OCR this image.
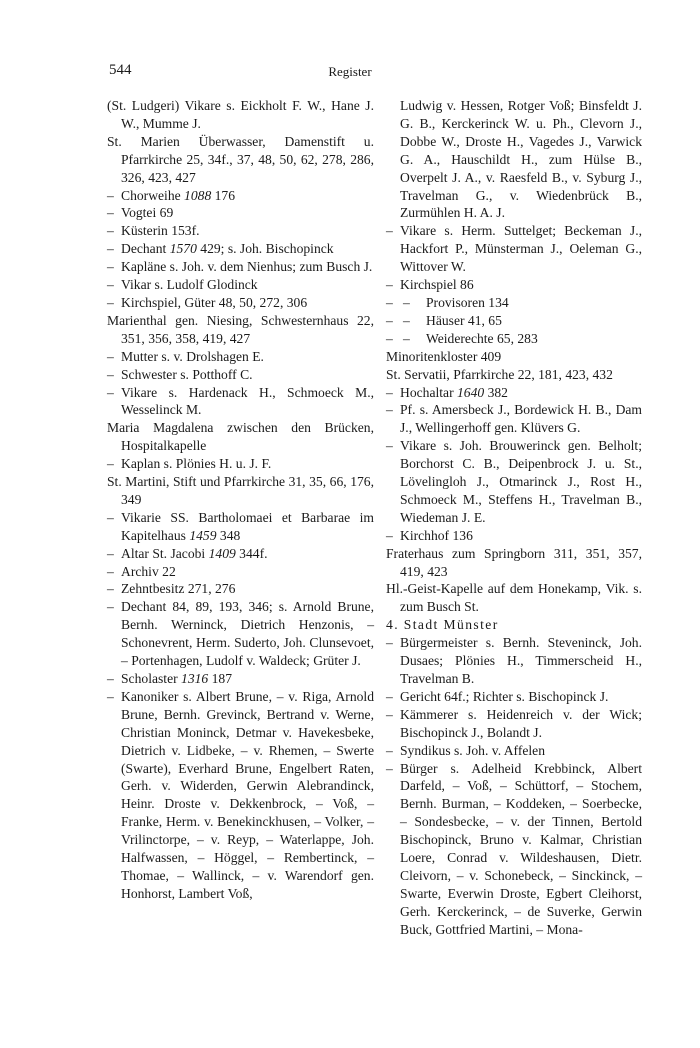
544	Register

(St. Ludgeri) Vikare s. Eickholt F. W., Hane J. W., Mumme J.

St. Marien Überwasser, Damenstift u. Pfarrkirche 25, 34f., 37, 48, 50, 62, 278, 286, 326, 423, 427

– Chorweihe 1088 176

– Vogtei 69

– Küsterin 153f.

– Dechant 1570 429; s. Joh. Bischopinck

– Kapläne s. Joh. v. dem Nienhus; zum Busch J.

– Vikar s. Ludolf Glodinck

– Kirchspiel, Güter 48, 50, 272, 306

Marienthal gen. Niesing, Schwesternhaus 22, 351, 356, 358, 419, 427

– Mutter s. v. Drolshagen E.

– Schwester s. Potthoff C.

– Vikare s. Hardenack H., Schmoeck M., Wesselinck M.

Maria Magdalena zwischen den Brücken, Hospitalkapelle

– Kaplan s. Plönies H. u. J. F.

St. Martini, Stift und Pfarrkirche 31, 35, 66, 176, 349

– Vikarie SS. Bartholomaei et Barbarae im Kapitelhaus 1459 348

– Altar St. Jacobi 1409 344f.

– Archiv 22

– Zehntbesitz 271, 276

– Dechant 84, 89, 193, 346; s. Arnold Brune, Bernh. Werninck, Dietrich Henzonis, – Schonevrent, Herm. Suderto, Joh. Clunsevoet, – Portenhagen, Ludolf v. Waldeck; Grüter J.

– Scholaster 1316 187

– Kanoniker s. Albert Brune, – v. Riga, Arnold Brune, Bernh. Grevinck, Bertrand v. Werne, Christian Moninck, Detmar v. Havekesbeke, Dietrich v. Lidbeke, – v. Rhemen, – Swerte (Swarte), Everhard Brune, Engelbert Raten, Gerh. v. Widerden, Gerwin Alebrandinck, Heinr. Droste v. Dekkenbrock, – Voß, – Franke, Herm. v. Benekinckhusen, – Volker, – Vrilinctorpe, – v. Reyp, – Waterlappe, Joh. Halfwassen, – Höggel, – Rembertinck, – Thomae, – Wallinck, – v. Warendorf gen. Honhorst, Lambert Voß,

Ludwig v. Hessen, Rotger Voß; Binsfeldt J. G. B., Kerckerinck W. u. Ph., Clevorn J., Dobbe W., Droste H., Vagedes J., Varwick G. A., Hauschildt H., zum Hülse B., Overpelt J. A., v. Raesfeld B., v. Syburg J., Travelman G., v. Wiedenbrück B., Zurmühlen H. A. J.

– Vikare s. Herm. Suttelget; Beckeman J., Hackfort P., Münsterman J., Oeleman G., Wittover W.

– Kirchspiel 86

– – Provisoren 134

– – Häuser 41, 65

– – Weiderechte 65, 283

Minoritenkloster 409

St. Servatii, Pfarrkirche 22, 181, 423, 432

– Hochaltar 1640 382

– Pf. s. Amersbeck J., Bordewick H. B., Dam J., Wellingerhoff gen. Klüvers G.

– Vikare s. Joh. Brouwerinck gen. Belholt; Borchorst C. B., Deipenbrock J. u. St., Lövelingloh J., Otmarinck J., Rost H., Schmoeck M., Steffens H., Travelman B., Wiedeman J. E.

– Kirchhof 136

Fraterhaus zum Springborn 311, 351, 357, 419, 423

Hl.-Geist-Kapelle auf dem Honekamp, Vik. s. zum Busch St.

4. Stadt Münster

– Bürgermeister s. Bernh. Steveninck, Joh. Dusaes; Plönies H., Timmerscheid H., Travelman B.

– Gericht 64f.; Richter s. Bischopinck J.

– Kämmerer s. Heidenreich v. der Wick; Bischopinck J., Bolandt J.

– Syndikus s. Joh. v. Affelen

– Bürger s. Adelheid Krebbinck, Albert Darfeld, – Voß, – Schüttorf, – Stochem, Bernh. Burman, – Koddeken, – Soerbecke, – Sondesbecke, – v. der Tinnen, Bertold Bischopinck, Bruno v. Kalmar, Christian Loere, Conrad v. Wildeshausen, Dietr. Cleivorn, – v. Schonebeck, – Sinckinck, – Swarte, Everwin Droste, Egbert Cleihorst, Gerh. Kerckerinck, – de Suverke, Gerwin Buck, Gottfried Martini, – Mona-
